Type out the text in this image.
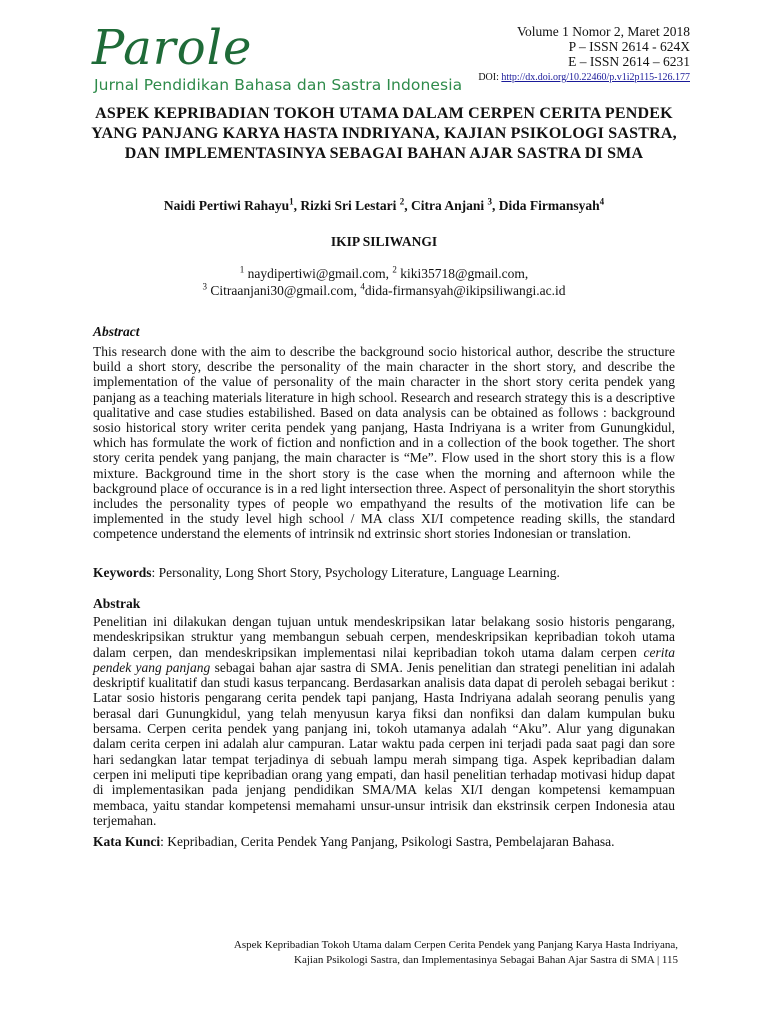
Parole
Jurnal Pendidikan Bahasa dan Sastra Indonesia
Volume 1 Nomor 2, Maret 2018
P – ISSN 2614 - 624X
E – ISSN 2614 – 6231
DOI: http://dx.doi.org/10.22460/p.v1i2p115-126.177
ASPEK KEPRIBADIAN TOKOH UTAMA DALAM CERPEN CERITA PENDEK YANG PANJANG KARYA HASTA INDRIYANA, KAJIAN PSIKOLOGI SASTRA, DAN IMPLEMENTASINYA SEBAGAI BAHAN AJAR SASTRA DI SMA
Naidi Pertiwi Rahayu$^1$, Rizki Sri Lestari $^2$, Citra Anjani $^3$, Dida Firmansyah$^4$
IKIP SILIWANGI
$^1$ naydipertiwi@gmail.com, $^2$ kiki35718@gmail.com,
$^3$ Citraanjani30@gmail.com, $^4$dida-firmansyah@ikipsiliwangi.ac.id
Abstract
This research done with the aim to describe the background socio historical author, describe the structure build a short story, describe the personality of the main character in the short story, and describe the implementation of the value of personality of the main character in the short story cerita pendek yang panjang as a teaching materials literature in high school. Research and research strategy this is a descriptive qualitative and case studies estabilished. Based on data analysis can be obtained as follows : background sosio historical story writer cerita pendek yang panjang, Hasta Indriyana is a writer from Gunungkidul, which has formulate the work of fiction and nonfiction and in a collection of the book together. The short story cerita pendek yang panjang, the main character is “Me”. Flow used in the short story this is a flow mixture. Background time in the short story is the case when the morning and afternoon while the background place of occurance is in a red light intersection three. Aspect of personalityin the short storythis includes the personality types of people wo empathyand the results of the motivation life can be implemented in the study level high school / MA class XI/I competence reading skills, the standard competence understand the elements of intrinsik nd extrinsic short stories Indonesian or translation.
Keywords: Personality, Long Short Story, Psychology Literature, Language Learning.
Abstrak
Penelitian ini dilakukan dengan tujuan untuk mendeskripsikan latar belakang sosio historis pengarang, mendeskripsikan struktur yang membangun sebuah cerpen, mendeskripsikan kepribadian tokoh utama dalam cerpen, dan mendeskripsikan implementasi nilai kepribadian tokoh utama dalam cerpen cerita pendek yang panjang sebagai bahan ajar sastra di SMA. Jenis penelitian dan strategi penelitian ini adalah deskriptif kualitatif dan studi kasus terpancang. Berdasarkan analisis data dapat di peroleh sebagai berikut : Latar sosio historis pengarang cerita pendek tapi panjang, Hasta Indriyana adalah seorang penulis yang berasal dari Gunungkidul, yang telah menyusun karya fiksi dan nonfiksi dan dalam kumpulan buku bersama. Cerpen cerita pendek yang panjang ini, tokoh utamanya adalah “Aku”. Alur yang digunakan dalam cerita cerpen ini adalah alur campuran. Latar waktu pada cerpen ini terjadi pada saat pagi dan sore hari sedangkan latar tempat terjadinya di sebuah lampu merah simpang tiga. Aspek kepribadian dalam cerpen ini meliputi tipe kepribadian orang yang empati, dan hasil penelitian terhadap motivasi hidup dapat di implementasikan pada jenjang pendidikan SMA/MA kelas XI/I dengan kompetensi kemampuan membaca, yaitu standar kompetensi memahami unsur-unsur intrisik dan ekstrinsik cerpen Indonesia atau terjemahan.
Kata Kunci: Kepribadian, Cerita Pendek Yang Panjang, Psikologi Sastra, Pembelajaran Bahasa.
Aspek Kepribadian Tokoh Utama dalam Cerpen Cerita Pendek yang Panjang Karya Hasta Indriyana,
Kajian Psikologi Sastra, dan Implementasinya Sebagai Bahan Ajar Sastra di SMA | 115
